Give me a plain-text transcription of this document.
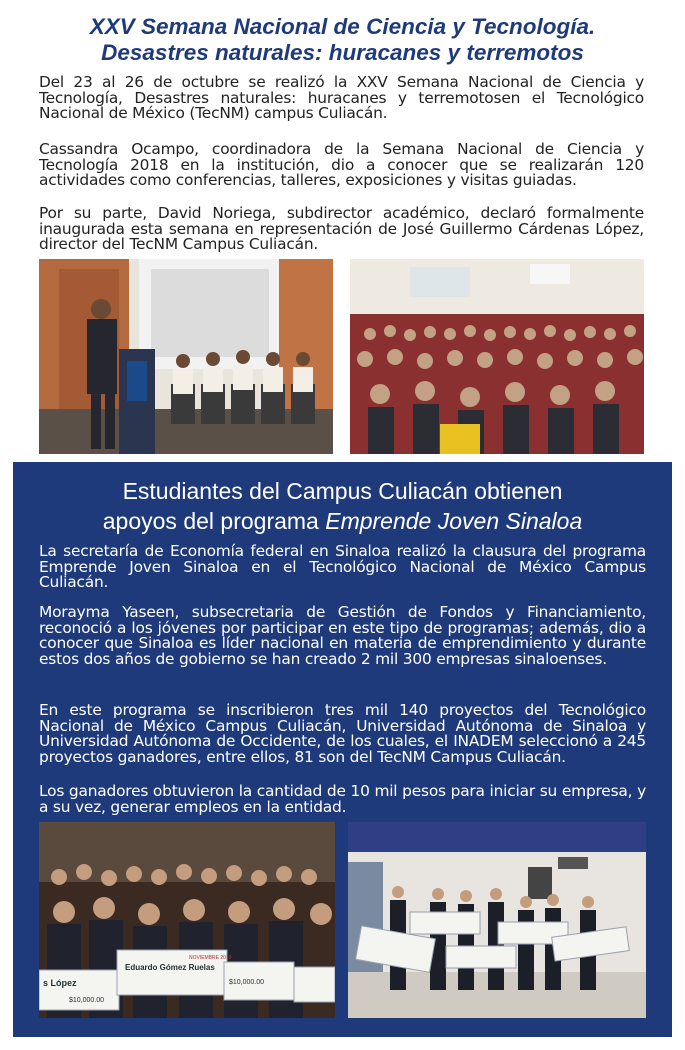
XXV Semana Nacional de Ciencia y Tecnología.
Desastres naturales: huracanes y terremotos

Del 23 al 26 de octubre se realizó la XXV Semana Nacional de Ciencia y Tecnología, Desastres naturales: huracanes y terremotosen el Tecnológico Nacional de México (TecNM) campus Culiacán.

Cassandra Ocampo, coordinadora de la Semana Nacional de Ciencia y Tecnología 2018 en la institución, dio a conocer que se realizarán 120 actividades como conferencias, talleres, exposiciones y visitas guiadas.

Por su parte, David Noriega, subdirector académico, declaró formalmente inaugurada esta semana en representación de José Guillermo Cárdenas López, director del TecNM Campus Culiacán.

Estudiantes del Campus Culiacán obtienen
apoyos del programa Emprende Joven Sinaloa

La secretaría de Economía federal en Sinaloa realizó la clausura del programa Emprende Joven Sinaloa en el Tecnológico Nacional de México Campus Culiacán.

Morayma Yaseen, subsecretaria de Gestión de Fondos y Financiamiento, reconoció a los jóvenes por participar en este tipo de programas; además, dio a conocer que Sinaloa es líder nacional en materia de emprendimiento y durante estos dos años de gobierno se han creado 2 mil 300 empresas sinaloenses.

En este programa se inscribieron tres mil 140 proyectos del Tecnológico Nacional de México Campus Culiacán, Universidad Autónoma de Sinaloa y Universidad Autónoma de Occidente, de los cuales, el INADEM seleccionó a 245 proyectos ganadores, entre ellos, 81 son del TecNM Campus Culiacán.

Los ganadores obtuvieron la cantidad de 10 mil pesos para iniciar su empresa, y a su vez, generar empleos en la entidad.

s López
$10,000.00
Eduardo Gómez Ruelas
NOVIEMBRE 2018
$10,000.00
